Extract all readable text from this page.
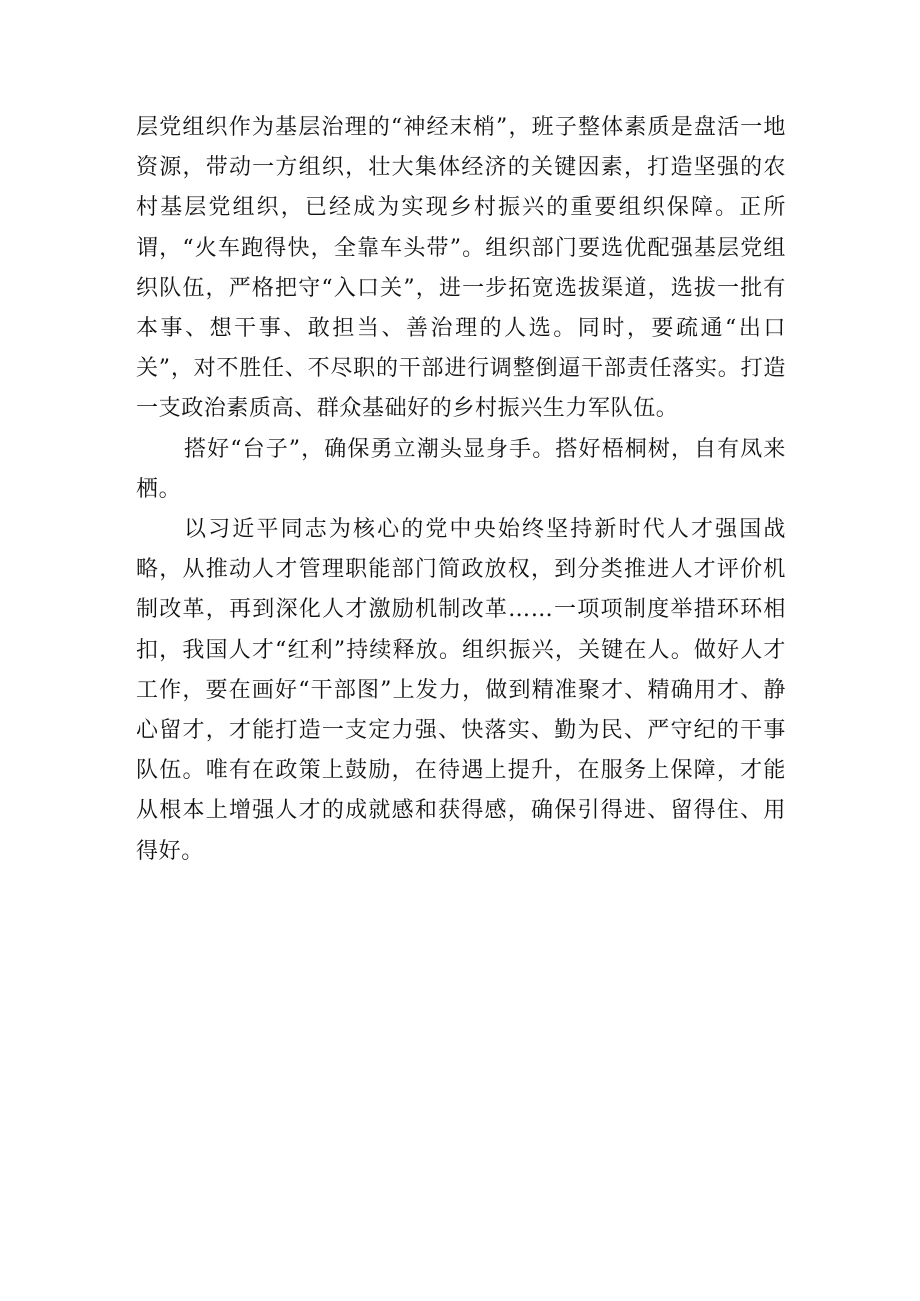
层党组织作为基层治理的“神经末梢”，班子整体素质是盘活一地资源，带动一方组织，壮大集体经济的关键因素，打造坚强的农村基层党组织，已经成为实现乡村振兴的重要组织保障。正所谓，“火车跑得快，全靠车头带”。组织部门要选优配强基层党组织队伍，严格把守“入口关”，进一步拓宽选拔渠道，选拔一批有本事、想干事、敢担当、善治理的人选。同时，要疏通“出口关”，对不胜任、不尽职的干部进行调整倒逼干部责任落实。打造一支政治素质高、群众基础好的乡村振兴生力军队伍。

搭好“台子”，确保勇立潮头显身手。搭好梧桐树，自有凤来栖。

以习近平同志为核心的党中央始终坚持新时代人才强国战略，从推动人才管理职能部门简政放权，到分类推进人才评价机制改革，再到深化人才激励机制改革……一项项制度举措环环相扣，我国人才“红利”持续释放。组织振兴，关键在人。做好人才工作，要在画好“干部图”上发力，做到精准聚才、精确用才、静心留才，才能打造一支定力强、快落实、勤为民、严守纪的干事队伍。唯有在政策上鼓励，在待遇上提升，在服务上保障，才能从根本上增强人才的成就感和获得感，确保引得进、留得住、用得好。
